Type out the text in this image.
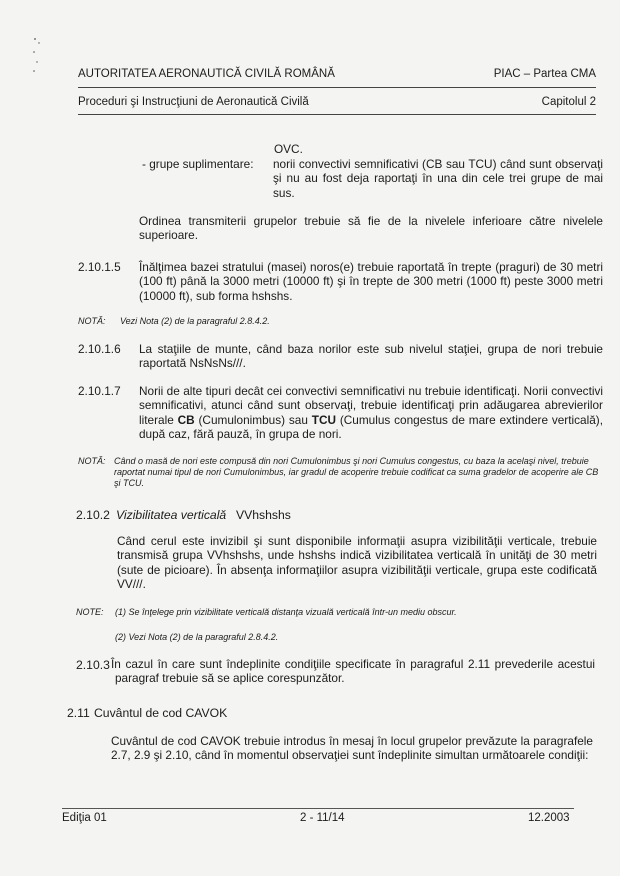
AUTORITATEA AERONAUTICĂ CIVILĂ ROMÂNĂ	PIAC – Partea CMA
Proceduri şi Instrucţiuni de Aeronautică Civilă	Capitolul 2
OVC.
- grupe suplimentare: norii convectivi semnificativi (CB sau TCU) când sunt observaţi şi nu au fost deja raportaţi în una din cele trei grupe de mai sus.
Ordinea transmiterii grupelor trebuie să fie de la nivelele inferioare către nivelele superioare.
2.10.1.5 Înălţimea bazei stratului (masei) noros(e) trebuie raportată în trepte (praguri) de 30 metri (100 ft) până la 3000 metri (10000 ft) şi în trepte de 300 metri (1000 ft) peste 3000 metri (10000 ft), sub forma hshshs.
NOTĂ: Vezi Nota (2) de la paragraful 2.8.4.2.
2.10.1.6 La staţiile de munte, când baza norilor este sub nivelul staţiei, grupa de nori trebuie raportată NsNsNs///.
2.10.1.7 Norii de alte tipuri decât cei convectivi semnificativi nu trebuie identificaţi. Norii convectivi semnificativi, atunci când sunt observaţi, trebuie identificaţi prin adăugarea abrevierilor literale CB (Cumulonimbus) sau TCU (Cumulus congestus de mare extindere verticală), după caz, fără pauză, în grupa de nori.
NOTĂ: Când o masă de nori este compusă din nori Cumulonimbus şi nori Cumulus congestus, cu baza la acelaşi nivel, trebuie raportat numai tipul de nori Cumulonimbus, iar gradul de acoperire trebuie codificat ca suma gradelor de acoperire ale CB şi TCU.
2.10.2 Vizibilitatea verticală VVhshshs
Când cerul este invizibil şi sunt disponibile informaţii asupra vizibilităţii verticale, trebuie transmisă grupa VVhshshs, unde hshshs indică vizibilitatea verticală în unităţi de 30 metri (sute de picioare). În absenţa informaţiilor asupra vizibilităţii verticale, grupa este codificată VV///.
NOTE: (1) Se înţelege prin vizibilitate verticală distanţa vizuală verticală într-un mediu obscur.
(2) Vezi Nota (2) de la paragraful 2.8.4.2.
2.10.3 În cazul în care sunt îndeplinite condiţiile specificate în paragraful 2.11 prevederile acestui paragraf trebuie să se aplice corespunzător.
2.11 Cuvântul de cod CAVOK
Cuvântul de cod CAVOK trebuie introdus în mesaj în locul grupelor prevăzute la paragrafele 2.7, 2.9 şi 2.10, când în momentul observaţiei sunt îndeplinite simultan următoarele condiţii:
Ediţia 01	2 - 11/14	12.2003
